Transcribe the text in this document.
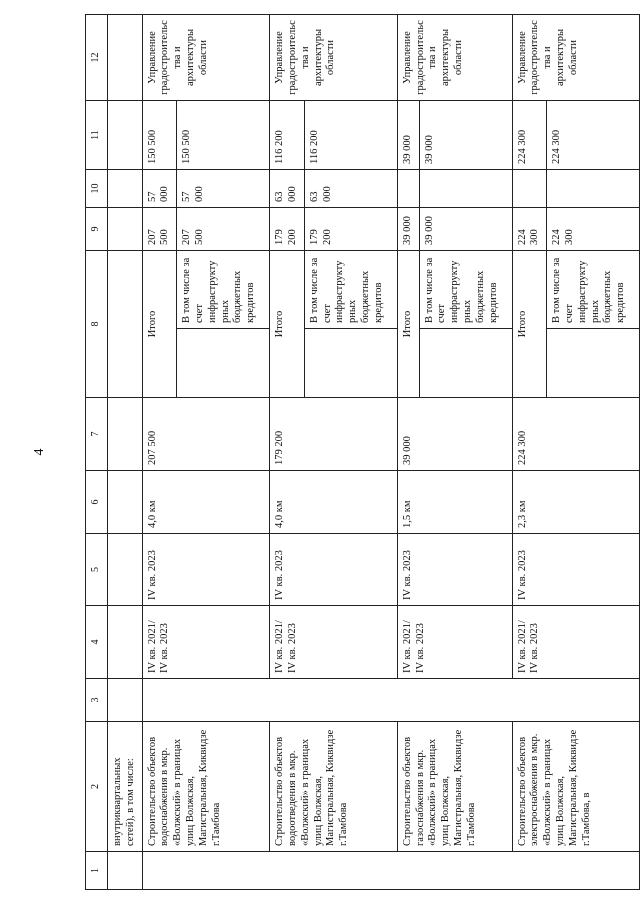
4
1	2	3	4	5	6	7	8		9	10	11	12
	внутриквартальных сетей), в том числе:											
	Строительство объектов водоснабжения в мкр. «Волжский» в границах улиц Волжская, Магистральная, Киквидзе г.Тамбова		IV кв. 2021/ IV кв. 2023	IV кв. 2023	4,0 км	207 500	Итого		207 500	57 000	150 500	Управление градостроительства и архитектуры области
								В том числе за счет инфраструктурных бюджетных кредитов	207 500	57 000	150 500	
	Строительство объектов водоотведения в мкр. «Волжский» в границах улиц Волжская, Магистральная, Киквидзе г.Тамбова		IV кв. 2021/ IV кв. 2023	IV кв. 2023	4,0 км	179 200	Итого		179 200	63 000	116 200	Управление градостроительства и архитектуры области
								В том числе за счет инфраструктурных бюджетных кредитов	179 200	63 000	116 200	
	Строительство объектов газоснабжения в мкр. «Волжский» в границах улиц Волжская, Магистральная, Киквидзе г.Тамбова		IV кв. 2021/ IV кв. 2023	IV кв. 2023	1,5 км	39 000	Итого		39 000		39 000	Управление градостроительства и архитектуры области
								В том числе за счет инфраструктурных бюджетных кредитов	39 000		39 000	
	Строительство объектов электроснабжения в мкр. «Волжский» в границах улиц Волжская, Магистральная, Киквидзе г.Тамбова, в		IV кв. 2021/ IV кв. 2023	IV кв. 2023	2,3 км	224 300	Итого		224 300		224 300	Управление градостроительства и архитектуры области
								В том числе за счет инфраструктурных бюджетных кредитов	224 300		224 300	
